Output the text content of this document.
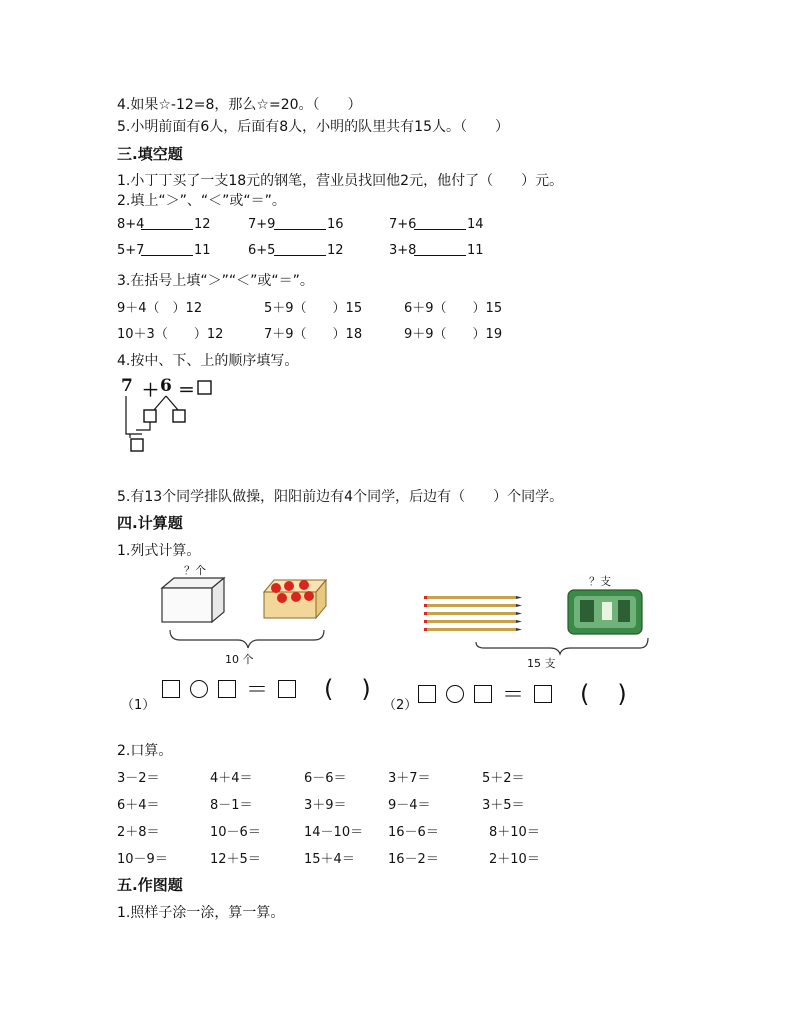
4.如果☆-12=8，那么☆=20。（　　）
5.小明前面有6人，后面有8人，小明的队里共有15人。（　　）
三.填空题
1.小丁丁买了一支18元的钢笔，营业员找回他2元，他付了（　　）元。
2.填上“＞”、“＜”或“＝”。
8+4	12	7+9	16	7+6	14
5+7	11	6+5	12	3+8	11
3.在括号上填“＞”“＜”或“＝”。
9＋4（　）12	5＋9（　　）15	6＋9（　　）15
10＋3（　　）12	7＋9（　　）18	9＋9（　　）19
4.按中、下、上的顺序填写。
7 ＋ 6 ＝
5.有13个同学排队做操，阳阳前边有4个同学，后边有（　　）个同学。
四.计算题
1.列式计算。
？个
10 个
？支
15 支
（1）
＝ ( )
（2）	＝ ( )
2.口算。
3－2＝	4＋4＝	6－6＝	3＋7＝	5＋2＝
6＋4＝	8－1＝	3＋9＝	9－4＝	3＋5＝
2＋8＝	10－6＝	14－10＝ 16－6＝	8＋10＝
10－9＝	12＋5＝	15＋4＝	16－2＝	2＋10＝
五.作图题
1.照样子涂一涂，算一算。
